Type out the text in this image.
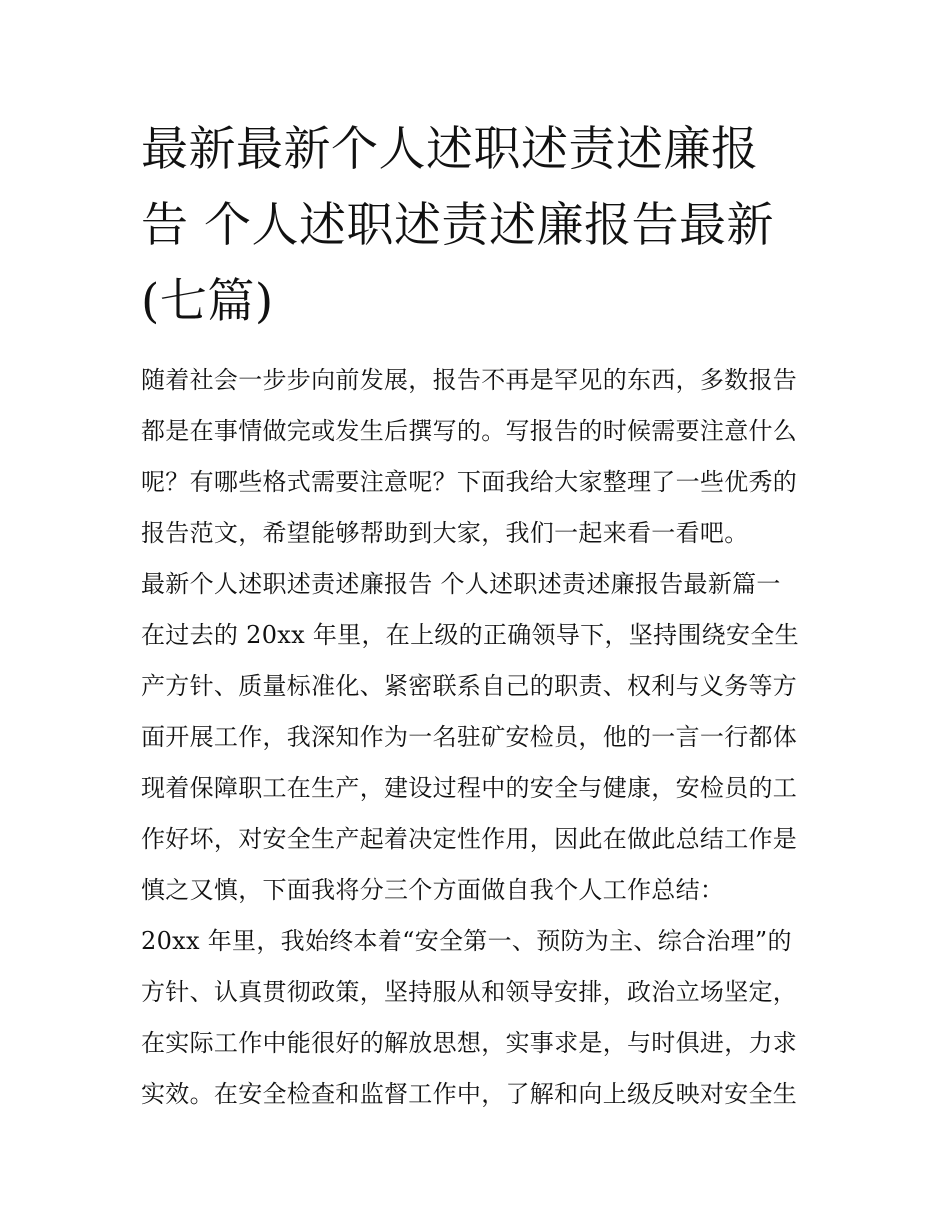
最新最新个人述职述责述廉报
告 个人述职述责述廉报告最新
(七篇)
随着社会一步步向前发展，报告不再是罕见的东西，多数报告
都是在事情做完或发生后撰写的。写报告的时候需要注意什么
呢？有哪些格式需要注意呢？下面我给大家整理了一些优秀的
报告范文，希望能够帮助到大家，我们一起来看一看吧。
最新个人述职述责述廉报告 个人述职述责述廉报告最新篇一
在过去的 20xx 年里，在上级的正确领导下，坚持围绕安全生
产方针、质量标准化、紧密联系自己的职责、权利与义务等方
面开展工作，我深知作为一名驻矿安检员，他的一言一行都体
现着保障职工在生产，建设过程中的安全与健康，安检员的工
作好坏，对安全生产起着决定性作用，因此在做此总结工作是
慎之又慎，下面我将分三个方面做自我个人工作总结：
20xx 年里，我始终本着“安全第一、预防为主、综合治理”的
方针、认真贯彻政策，坚持服从和领导安排，政治立场坚定，
在实际工作中能很好的解放思想，实事求是，与时俱进，力求
实效。在安全检查和监督工作中，了解和向上级反映对安全生
